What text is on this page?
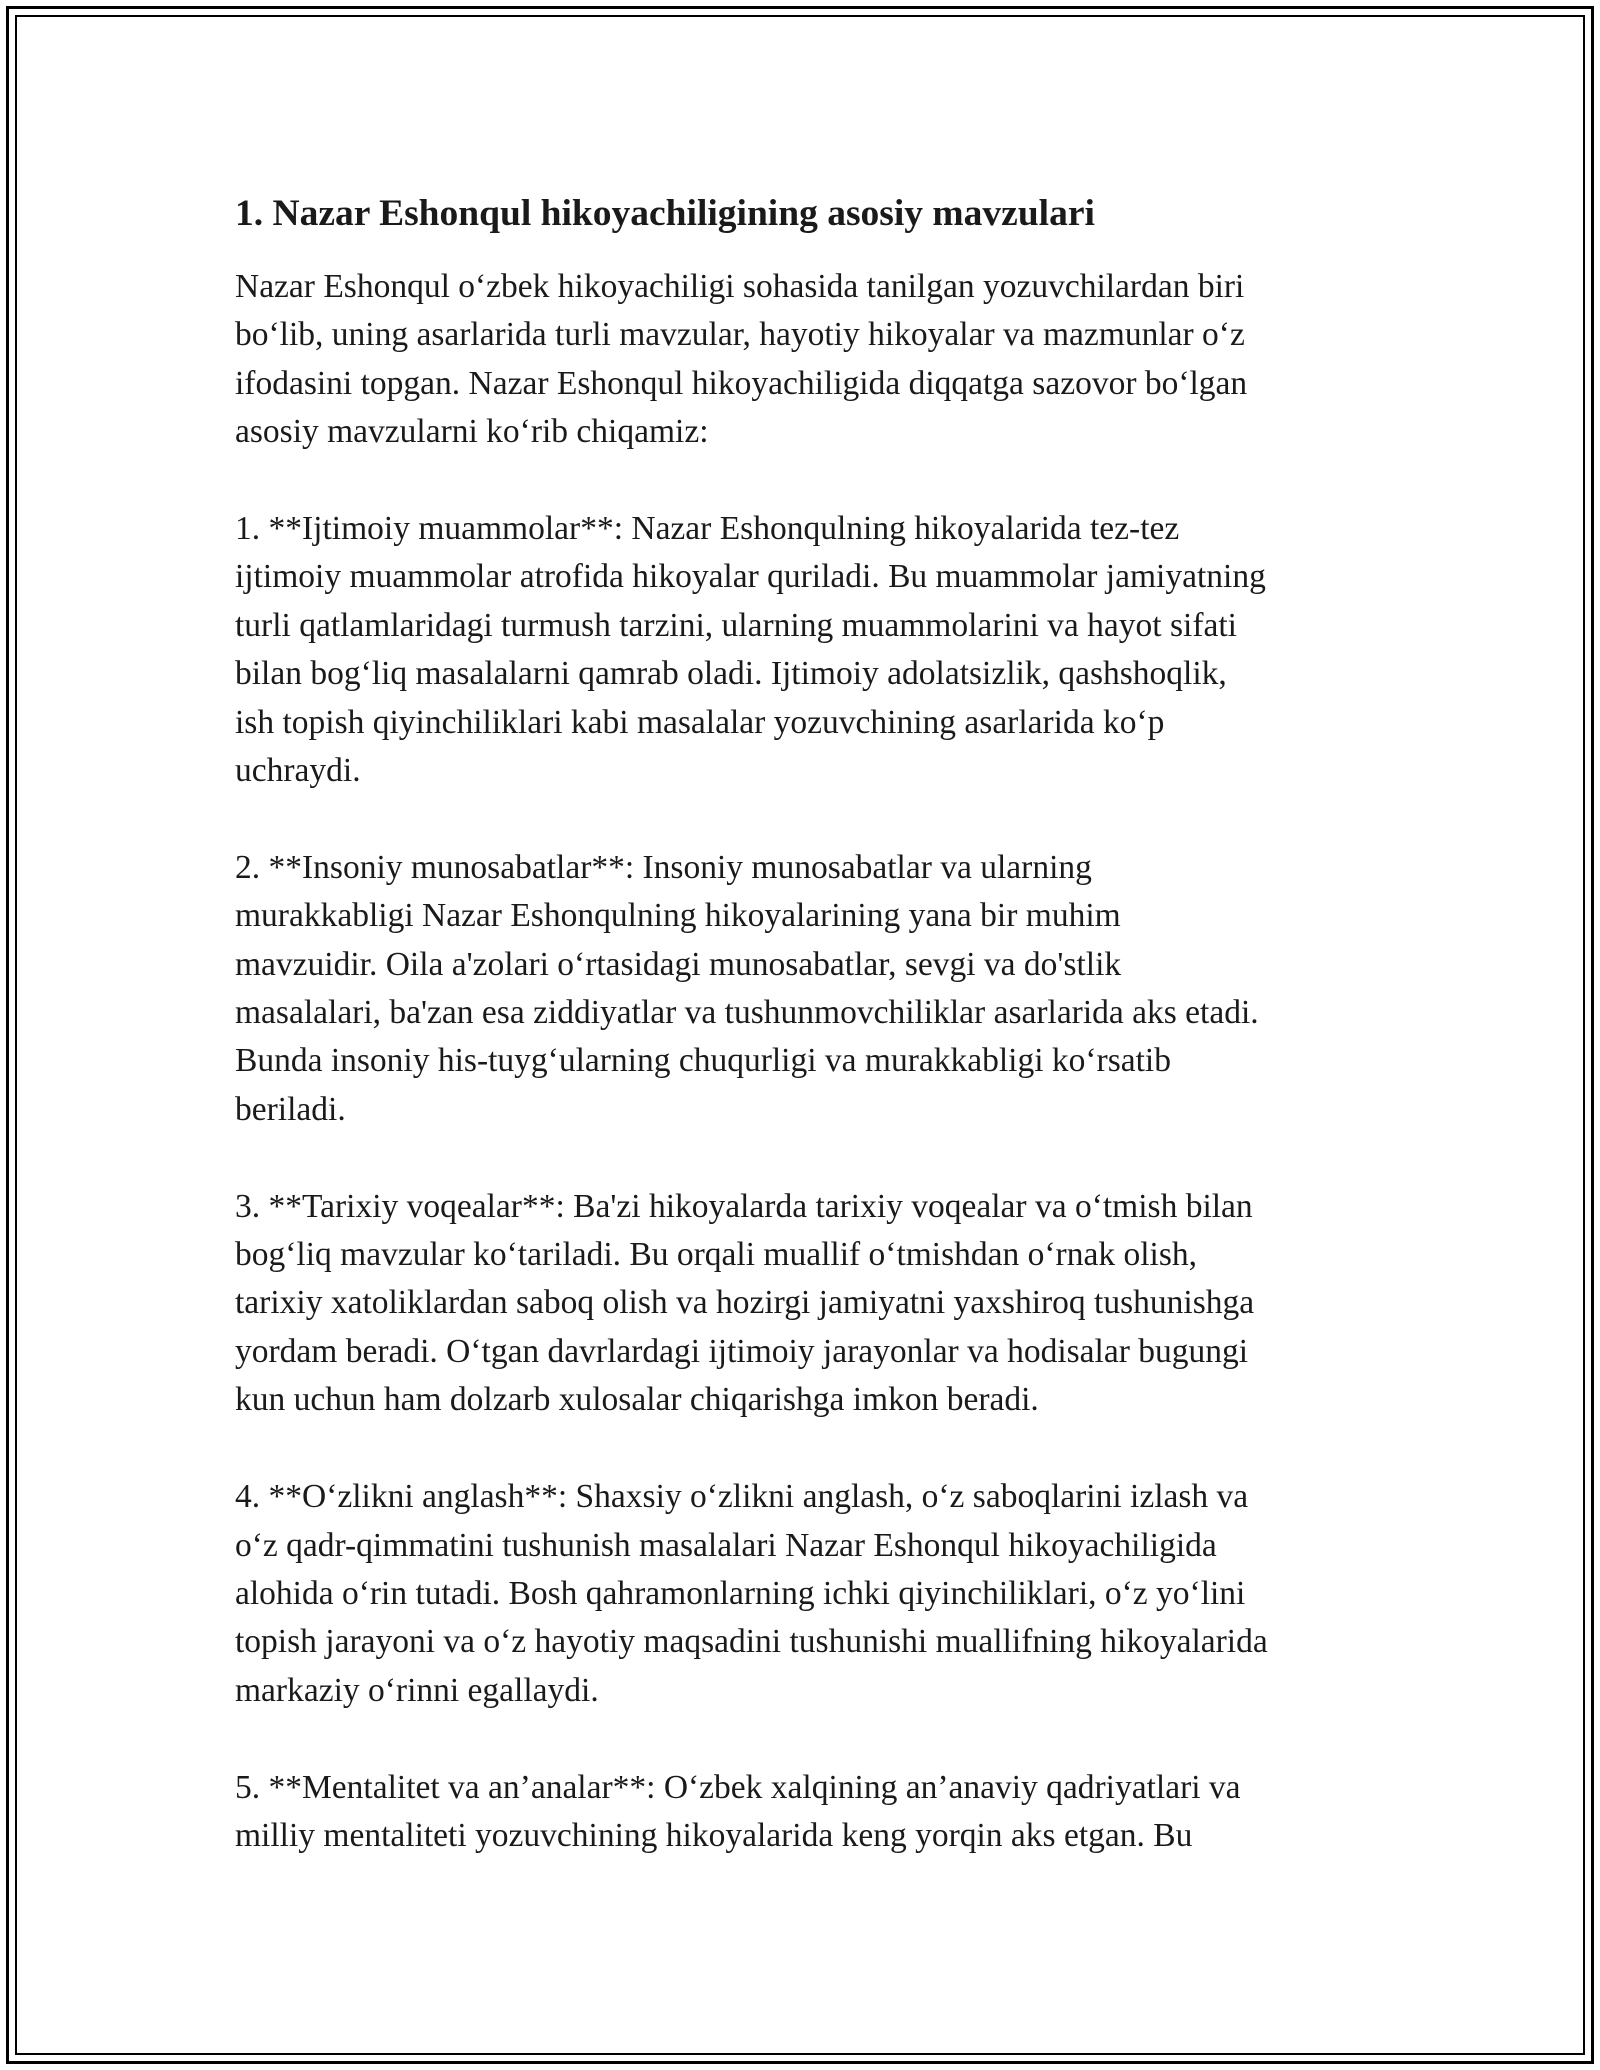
1. Nazar Eshonqul hikoyachiligining asosiy mavzulari

Nazar Eshonqul o‘zbek hikoyachiligi sohasida tanilgan yozuvchilardan biri
bo‘lib, uning asarlarida turli mavzular, hayotiy hikoyalar va mazmunlar o‘z
ifodasini topgan. Nazar Eshonqul hikoyachiligida diqqatga sazovor bo‘lgan
asosiy mavzularni ko‘rib chiqamiz:

1. **Ijtimoiy muammolar**: Nazar Eshonqulning hikoyalarida tez-tez
ijtimoiy muammolar atrofida hikoyalar quriladi. Bu muammolar jamiyatning
turli qatlamlaridagi turmush tarzini, ularning muammolarini va hayot sifati
bilan bog‘liq masalalarni qamrab oladi. Ijtimoiy adolatsizlik, qashshoqlik,
ish topish qiyinchiliklari kabi masalalar yozuvchining asarlarida ko‘p
uchraydi.

2. **Insoniy munosabatlar**: Insoniy munosabatlar va ularning
murakkabligi Nazar Eshonqulning hikoyalarining yana bir muhim
mavzuidir. Oila a'zolari o‘rtasidagi munosabatlar, sevgi va do'stlik
masalalari, ba'zan esa ziddiyatlar va tushunmovchiliklar asarlarida aks etadi.
Bunda insoniy his-tuyg‘ularning chuqurligi va murakkabligi ko‘rsatib
beriladi.

3. **Tarixiy voqealar**: Ba'zi hikoyalarda tarixiy voqealar va o‘tmish bilan
bog‘liq mavzular ko‘tariladi. Bu orqali muallif o‘tmishdan o‘rnak olish,
tarixiy xatoliklardan saboq olish va hozirgi jamiyatni yaxshiroq tushunishga
yordam beradi. O‘tgan davrlardagi ijtimoiy jarayonlar va hodisalar bugungi
kun uchun ham dolzarb xulosalar chiqarishga imkon beradi.

4. **O‘zlikni anglash**: Shaxsiy o‘zlikni anglash, o‘z saboqlarini izlash va
o‘z qadr-qimmatini tushunish masalalari Nazar Eshonqul hikoyachiligida
alohida o‘rin tutadi. Bosh qahramonlarning ichki qiyinchiliklari, o‘z yo‘lini
topish jarayoni va o‘z hayotiy maqsadini tushunishi muallifning hikoyalarida
markaziy o‘rinni egallaydi.

5. **Mentalitet va an’analar**: O‘zbek xalqining an’anaviy qadriyatlari va
milliy mentaliteti yozuvchining hikoyalarida keng yorqin aks etgan. Bu
